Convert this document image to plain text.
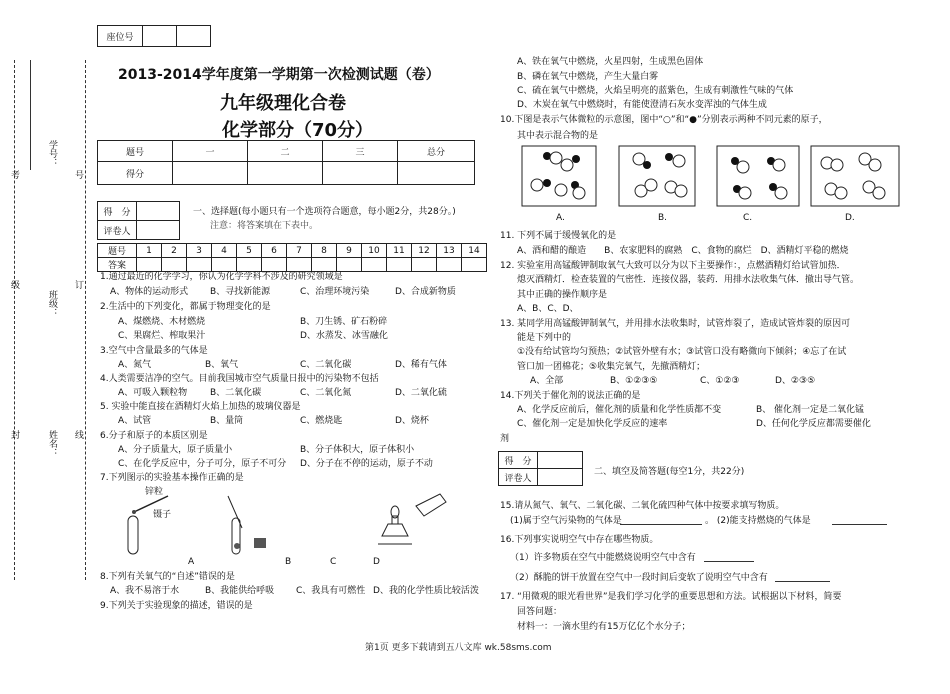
考
级
封
学号：
班级：
姓名：
号
订
线
座位号		
2013-2014学年度第一学期第一次检测试题（卷）
九年级理化合卷
化学部分（70分）
题号	一	二	三	总分
得分				
得　分	
评卷人	
一、选择题(每小题只有一个选项符合题意，每小题2分，共28分。)
注意：将答案填在下表中。
题号	1	2	3	4	5	6	7	8	9	10	11	12	13	14
答案														
1.通过最近的化学学习，你认为化学学科不涉及的研究领域是
A、物体的运动形式 B、寻找新能源	C、治理环境污染	D、合成新物质
2.生活中的下列变化，都属于物理变化的是
A、煤燃烧、木材燃烧	B、刀生锈、矿石粉碎
C、果腐烂、榨取果汁	D、水蒸发、冰雪融化
3.空气中含量最多的气体是
A、氮气	B、氧气	C、二氧化碳	D、稀有气体
4.人类需要洁净的空气。目前我国城市空气质量日报中的污染物不包括
A、可吸入颗粒物	B、二氧化碳	C、二氧化氮	D、二氧化硫
5. 实验中能直接在酒精灯火焰上加热的玻璃仪器是
A、试管	B、量筒	C、燃烧匙	D、烧杯
6.分子和原子的本质区别是
A、分子质量大，原子质量小	B、分子体积大，原子体积小
C、在化学反应中，分子可分，原子不可分 D、分子在不停的运动，原子不动
7.下列图示的实验基本操作正确的是
锌粒
镊子
A	B	C	D
8.下列有关氧气的“自述”错误的是
A、我不易溶于水	B、我能供给呼吸 C、我具有可燃性 D、我的化学性质比较活泼
9.下列关于实验现象的描述，错误的是
A、铁在氧气中燃烧，火星四射，生成黑色固体
B、磷在氧气中燃烧，产生大量白雾
C、硫在氧气中燃烧，火焰呈明亮的蓝紫色，生成有刺激性气味的气体
D、木炭在氧气中燃烧时，有能使澄清石灰水变浑浊的气体生成
10.下图是表示气体微粒的示意图，图中“○”和“●”分别表示两种不同元素的原子，
其中表示混合物的是
A.	B.	C.	D.
11. 下列不属于缓慢氧化的是
A、酒和醋的酿造　　B、农家肥料的腐熟　C、食物的腐烂　D、酒精灯平稳的燃烧
12. 实验室用高锰酸钾制取氧气大致可以分为以下主要操作：，点燃酒精灯给试管加热．
熄灭酒精灯．检查装置的气密性．连接仪器，装药．用排水法收集气体．撤出导气管。
其中正确的操作顺序是
A、B、C、D、
13. 某同学用高锰酸钾制氧气，并用排水法收集时，试管炸裂了，造成试管炸裂的原因可
能是下列中的
①没有给试管均匀预热；②试管外壁有水；③试管口没有略微向下倾斜；④忘了在试
管口加一团棉花；⑤收集完氧气，先撤酒精灯；
A、全部	B、①②③⑤	C、①②③	D、②③⑤
14.下列关于催化剂的说法正确的是
A、化学反应前后，催化剂的质量和化学性质都不变	B、 催化剂一定是二氧化锰
C、催化剂一定是加快化学反应的速率	D、任何化学反应都需要催化
剂
得　分	
评卷人	
二、填空及简答题(每空1分，共22分)
15.请从氮气、氧气、二氧化碳、二氧化硫四种气体中按要求填写物质。
(1)属于空气污染物的气体是	。 (2)能支持燃烧的气体是
16.下列事实说明空气中存在哪些物质。
（1）许多物质在空气中能燃烧说明空气中含有
（2）酥脆的饼干放置在空气中一段时间后变软了说明空气中含有
17. “用微观的眼光看世界”是我们学习化学的重要思想和方法。试根据以下材料，简要
回答问题：
材料一：一滴水里约有15万亿亿个水分子；
第1页 更多下载请到五八文库 wk.58sms.com
